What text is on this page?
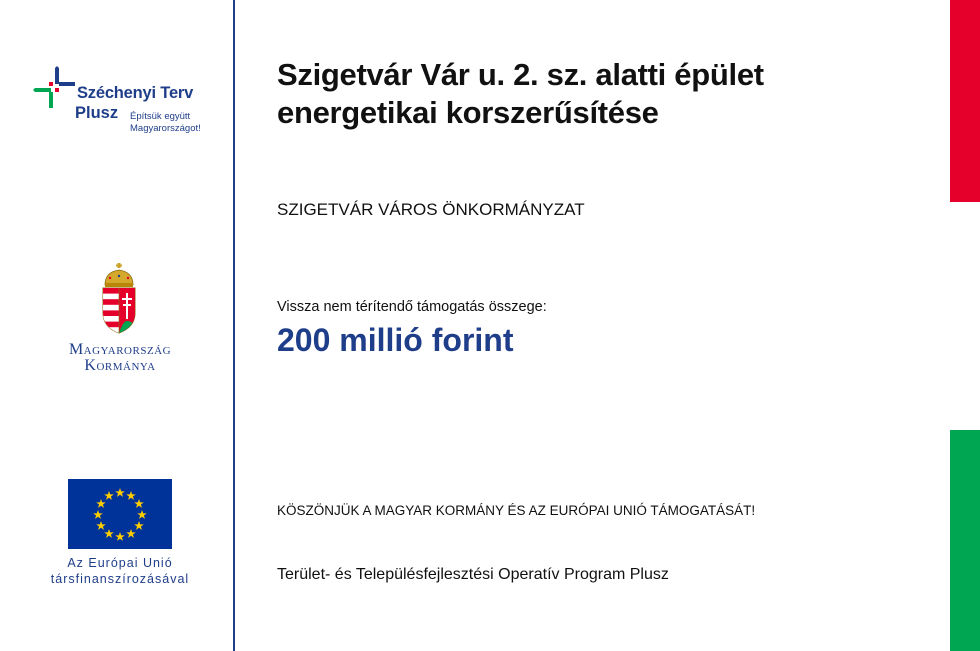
Széchenyi Terv
Plusz Építsük együtt
Magyarországot!
Magyarország
Kormánya
Az Európai Unió
társfinanszírozásával
Szigetvár Vár u. 2. sz. alatti épület energetikai korszerűsítése
SZIGETVÁR VÁROS ÖNKORMÁNYZAT
Vissza nem térítendő támogatás összege:
200 millió forint
KÖSZÖNJÜK A MAGYAR KORMÁNY ÉS AZ EURÓPAI UNIÓ TÁMOGATÁSÁT!
Terület- és Településfejlesztési Operatív Program Plusz
